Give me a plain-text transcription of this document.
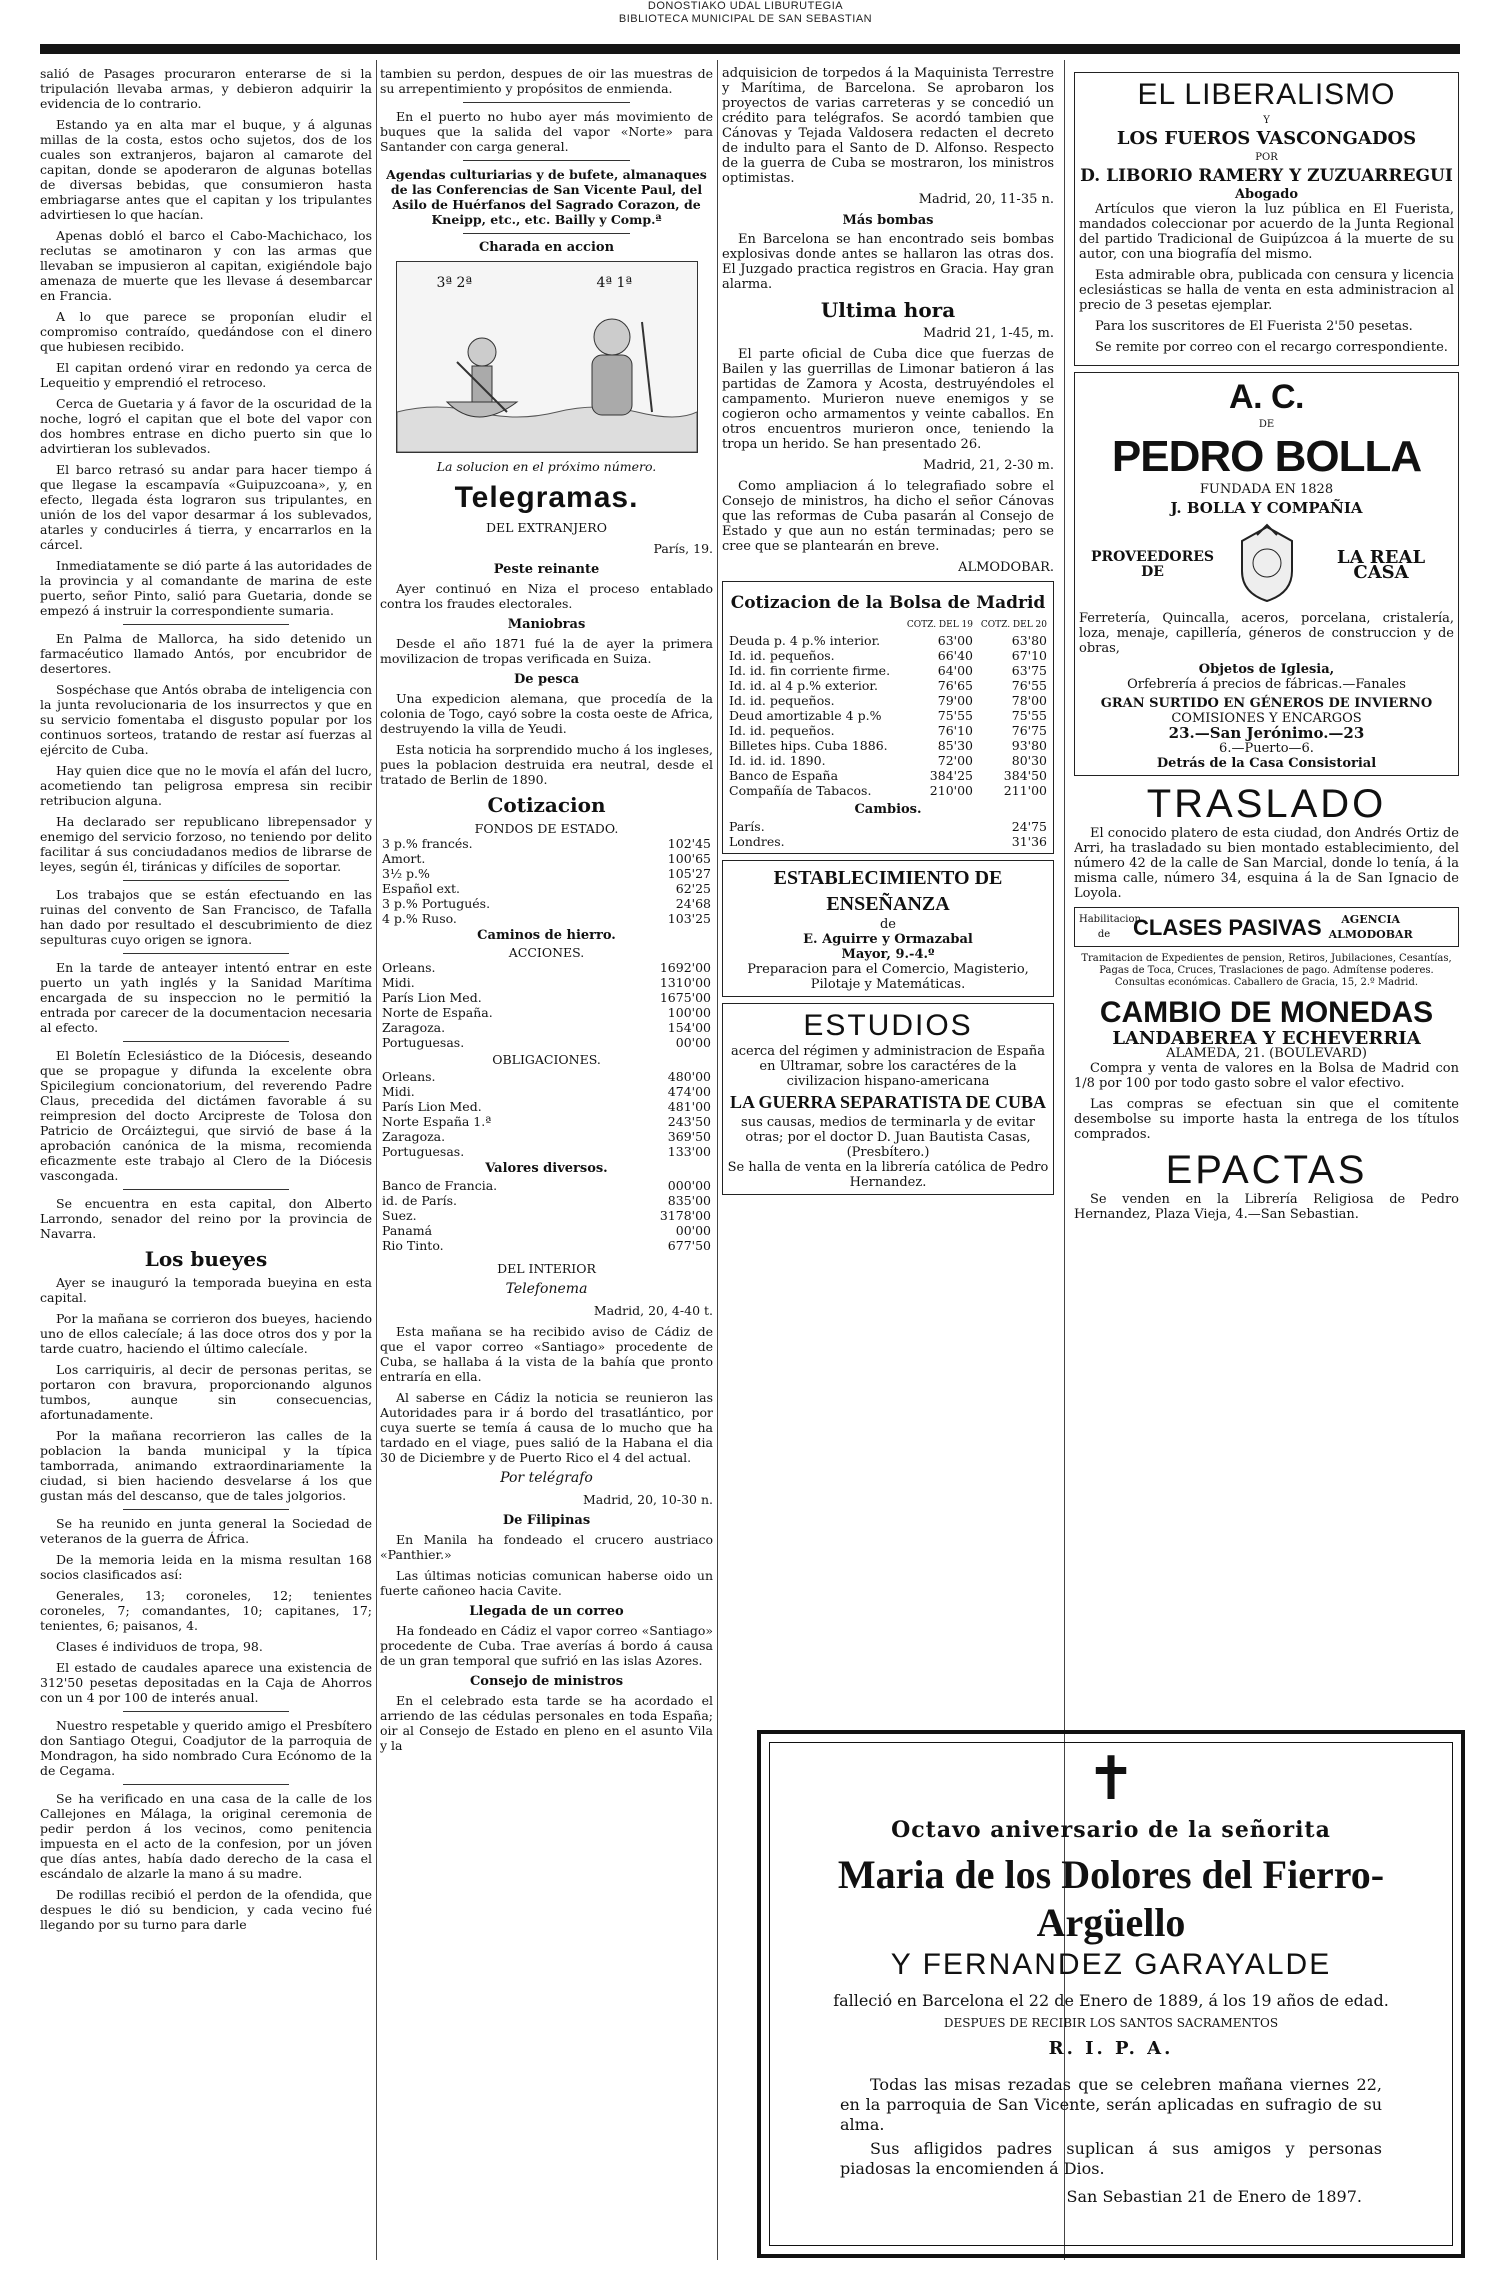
DONOSTIAKO UDAL LIBURUTEGIA
BIBLIOTECA MUNICIPAL DE SAN SEBASTIAN

salió de Pasages procuraron enterarse de si la tripulación llevaba armas, y debieron adquirir la evidencia de lo contrario.

Estando ya en alta mar el buque, y á algunas millas de la costa, estos ocho sujetos, dos de los cuales son extranjeros, bajaron al camarote del capitan, donde se apoderaron de algunas botellas de diversas bebidas, que consumieron hasta embriagarse antes que el capitan y los tripulantes advirtiesen lo que hacían.

Apenas dobló el barco el Cabo-Machichaco, los reclutas se amotinaron y con las armas que llevaban se impusieron al capitan, exigiéndole bajo amenaza de muerte que les llevase á desembarcar en Francia.

A lo que parece se proponían eludir el compromiso contraído, quedándose con el dinero que hubiesen recibido.

El capitan ordenó virar en redondo ya cerca de Lequeitio y emprendió el retroceso.

Cerca de Guetaria y á favor de la oscuridad de la noche, logró el capitan que el bote del vapor con dos hombres entrase en dicho puerto sin que lo advirtieran los sublevados.

El barco retrasó su andar para hacer tiempo á que llegase la escampavía «Guipuzcoana», y, en efecto, llegada ésta lograron sus tripulantes, en unión de los del vapor desarmar á los sublevados, atarles y conducirles á tierra, y encarrarlos en la cárcel.

Inmediatamente se dió parte á las autoridades de la provincia y al comandante de marina de este puerto, señor Pinto, salió para Guetaria, donde se empezó á instruir la correspondiente sumaria.

En Palma de Mallorca, ha sido detenido un farmacéutico llamado Antós, por encubridor de desertores.

Sospéchase que Antós obraba de inteligencia con la junta revolucionaria de los insurrectos y que en su servicio fomentaba el disgusto popular por los continuos sorteos, tratando de restar así fuerzas al ejército de Cuba.

Hay quien dice que no le movía el afán del lucro, acometiendo tan peligrosa empresa sin recibir retribucion alguna.

Ha declarado ser republicano librepensador y enemigo del servicio forzoso, no teniendo por delito facilitar á sus conciudadanos medios de librarse de leyes, según él, tiránicas y difíciles de soportar.

Los trabajos que se están efectuando en las ruinas del convento de San Francisco, de Tafalla han dado por resultado el descubrimiento de diez sepulturas cuyo origen se ignora.

En la tarde de anteayer intentó entrar en este puerto un yath inglés y la Sanidad Marítima encargada de su inspeccion no le permitió la entrada por carecer de la documentacion necesaria al efecto.

El Boletín Eclesiástico de la Diócesis, deseando que se propague y difunda la excelente obra Spicilegium concionatorium, del reverendo Padre Claus, precedida del dictámen favorable á su reimpresion del docto Arcipreste de Tolosa don Patricio de Orcáiztegui, que sirvió de base á la aprobación canónica de la misma, recomienda eficazmente este trabajo al Clero de la Diócesis vascongada.

Se encuentra en esta capital, don Alberto Larrondo, senador del reino por la provincia de Navarra.

Los bueyes

Ayer se inauguró la temporada bueyina en esta capital.

Por la mañana se corrieron dos bueyes, haciendo uno de ellos calecíale; á las doce otros dos y por la tarde cuatro, haciendo el último calecíale.

Los carriquiris, al decir de personas peritas, se portaron con bravura, proporcionando algunos tumbos, aunque sin consecuencias, afortunadamente.

Por la mañana recorrieron las calles de la poblacion la banda municipal y la típica tamborrada, animando extraordinariamente la ciudad, si bien haciendo desvelarse á los que gustan más del descanso, que de tales jolgorios.

Se ha reunido en junta general la Sociedad de veteranos de la guerra de África.

De la memoria leida en la misma resultan 168 socios clasificados así:

Generales, 13; coroneles, 12; tenientes coroneles, 7; comandantes, 10; capitanes, 17; tenientes, 6; paisanos, 4.

Clases é individuos de tropa, 98.

El estado de caudales aparece una existencia de 312'50 pesetas depositadas en la Caja de Ahorros con un 4 por 100 de interés anual.

Nuestro respetable y querido amigo el Presbítero don Santiago Otegui, Coadjutor de la parroquia de Mondragon, ha sido nombrado Cura Ecónomo de la de Cegama.

Se ha verificado en una casa de la calle de los Callejones en Málaga, la original ceremonia de pedir perdon á los vecinos, como penitencia impuesta en el acto de la confesion, por un jóven que días antes, había dado derecho de la casa el escándalo de alzarle la mano á su madre.

De rodillas recibió el perdon de la ofendida, que despues le dió su bendicion, y cada vecino fué llegando por su turno para darle

tambien su perdon, despues de oir las muestras de su arrepentimiento y propósitos de enmienda.

En el puerto no hubo ayer más movimiento de buques que la salida del vapor «Norte» para Santander con carga general.

Agendas culturiarias y de bufete, almanaques de las Conferencias de San Vicente Paul, del Asilo de Huérfanos del Sagrado Corazon, de Kneipp, etc., etc. Bailly y Comp.ª

Charada en accion
3ª 2ª	4ª 1ª

La solucion en el próximo número.

Telegramas.

DEL EXTRANJERO

París, 19.

Peste reinante

Ayer continuó en Niza el proceso entablado contra los fraudes electorales.

Maniobras

Desde el año 1871 fué la de ayer la primera movilizacion de tropas verificada en Suiza.

De pesca

Una expedicion alemana, que procedía de la colonia de Togo, cayó sobre la costa oeste de Africa, destruyendo la villa de Yeudi.

Esta noticia ha sorprendido mucho á los ingleses, pues la poblacion destruida era neutral, desde el tratado de Berlin de 1890.

Cotizacion

FONDOS DE ESTADO.

3 p.% francés.	102'45
Amort.	100'65
3½ p.%	105'27
Español ext.	62'25
3 p.% Portugués.	24'68
4 p.% Ruso.	103'25
Caminos de hierro.

ACCIONES.

Orleans.	1692'00
Midi.	1310'00
París Lion Med.	1675'00
Norte de España.	100'00
Zaragoza.	154'00
Portuguesas.	00'00

OBLIGACIONES.

Orleans.	480'00
Midi.	474'00
París Lion Med.	481'00
Norte España 1.ª	243'50
Zaragoza.	369'50
Portuguesas.	133'00
Valores diversos.
Banco de Francia.	000'00
id. de París.	835'00
Suez.	3178'00
Panamá	00'00
Rio Tinto.	677'50

DEL INTERIOR

Telefonema

Madrid, 20, 4-40 t.

Esta mañana se ha recibido aviso de Cádiz de que el vapor correo «Santiago» procedente de Cuba, se hallaba á la vista de la bahía que pronto entraría en ella.

Al saberse en Cádiz la noticia se reunieron las Autoridades para ir á bordo del trasatlántico, por cuya suerte se temía á causa de lo mucho que ha tardado en el viage, pues salió de la Habana el dia 30 de Diciembre y de Puerto Rico el 4 del actual.

Por telégrafo

Madrid, 20, 10-30 n.

De Filipinas

En Manila ha fondeado el crucero austriaco «Panthier.»

Las últimas noticias comunican haberse oido un fuerte cañoneo hacia Cavite.

Llegada de un correo

Ha fondeado en Cádiz el vapor correo «Santiago» procedente de Cuba. Trae averías á bordo á causa de un gran temporal que sufrió en las islas Azores.

Consejo de ministros

En el celebrado esta tarde se ha acordado el arriendo de las cédulas personales en toda España; oir al Consejo de Estado en pleno en el asunto Vila y la

adquisicion de torpedos á la Maquinista Terrestre y Marítima, de Barcelona. Se aprobaron los proyectos de varias carreteras y se concedió un crédito para telégrafos. Se acordó tambien que Cánovas y Tejada Valdosera redacten el decreto de indulto para el Santo de D. Alfonso. Respecto de la guerra de Cuba se mostraron, los ministros optimistas.

Madrid, 20, 11-35 n.

Más bombas

En Barcelona se han encontrado seis bombas explosivas donde antes se hallaron las otras dos. El Juzgado practica registros en Gracia. Hay gran alarma.

Ultima hora

Madrid 21, 1-45, m.

El parte oficial de Cuba dice que fuerzas de Bailen y las guerrillas de Limonar batieron á las partidas de Zamora y Acosta, destruyéndoles el campamento. Murieron nueve enemigos y se cogieron ocho armamentos y veinte caballos. En otros encuentros murieron once, teniendo la tropa un herido. Se han presentado 26.

Madrid, 21, 2-30 m.

Como ampliacion á lo telegrafiado sobre el Consejo de ministros, ha dicho el señor Cánovas que las reformas de Cuba pasarán al Consejo de Estado y que aun no están terminadas; pero se cree que se plantearán en breve.

ALMODOBAR.

Cotizacion de la Bolsa de Madrid
	COTZ. DEL 19	COTZ. DEL 20
Deuda p. 4 p.% interior.	63'00	63'80
Id. id. pequeños.	66'40	67'10
Id. id. fin corriente firme.	64'00	63'75
Id. id. al 4 p.% exterior.	76'65	76'55
Id. id. pequeños.	79'00	78'00
Deud amortizable 4 p.%	75'55	75'55
Id. id. pequeños.	76'10	76'75
Billetes hips. Cuba 1886.	85'30	93'80
Id. id. id. 1890.	72'00	80'30
Banco de España	384'25	384'50
Compañía de Tabacos.	210'00	211'00
Cambios.
París.	24'75
Londres.	31'36
ESTABLECIMIENTO DE ENSEÑANZA
de
E. Aguirre y Ormazabal
Mayor, 9.-4.º
Preparacion para el Comercio, Magisterio, Pilotaje y Matemáticas.
ESTUDIOS
acerca del régimen y administracion de España en Ultramar, sobre los caractéres de la civilizacion hispano-americana
LA GUERRA SEPARATISTA DE CUBA
sus causas, medios de terminarla y de evitar otras; por el doctor D. Juan Bautista Casas, (Presbítero.)
Se halla de venta en la librería católica de Pedro Hernandez.
EL LIBERALISMO
Y
LOS FUEROS VASCONGADOS
POR
D. LIBORIO RAMERY Y ZUZUARREGUI
Abogado

Artículos que vieron la luz pública en El Fuerista, mandados coleccionar por acuerdo de la Junta Regional del partido Tradicional de Guipúzcoa á la muerte de su autor, con una biografía del mismo.

Esta admirable obra, publicada con censura y licencia eclesiásticas se halla de venta en esta administracion al precio de 3 pesetas ejemplar.

Para los suscritores de El Fuerista 2'50 pesetas.

Se remite por correo con el recargo correspondiente.

A. C.
DE
PEDRO BOLLA
FUNDADA EN 1828
J. BOLLA Y COMPAÑIA
PROVEEDORES DE
LA REAL CASA

Ferretería, Quincalla, aceros, porcelana, cristalería, loza, menaje, capillería, géneros de construccion y de obras,

Objetos de Iglesia,
Orfebrería á precios de fábricas.—Fanales
GRAN SURTIDO EN GÉNEROS DE INVIERNO
COMISIONES Y ENCARGOS
23.—San Jerónimo.—23
6.—Puerto—6.
Detrás de la Casa Consistorial
TRASLADO

El conocido platero de esta ciudad, don Andrés Ortiz de Arri, ha trasladado su bien montado establecimiento, del número 42 de la calle de San Marcial, donde lo tenía, á la misma calle, número 34, esquina á la de San Ignacio de Loyola.

Habilitacion de	CLASES PASIVAS	AGENCIA ALMODOBAR

Tramitacion de Expedientes de pension, Retiros, Jubilaciones, Cesantías, Pagas de Toca, Cruces, Traslaciones de pago. Admítense poderes. Consultas económicas. Caballero de Gracia, 15, 2.º Madrid.

CAMBIO DE MONEDAS
LANDABEREA Y ECHEVERRIA
ALAMEDA, 21. (BOULEVARD)

Compra y venta de valores en la Bolsa de Madrid con 1/8 por 100 por todo gasto sobre el valor efectivo.

Las compras se efectuan sin que el comitente desembolse su importe hasta la entrega de los títulos comprados.

EPACTAS

Se venden en la Librería Religiosa de Pedro Hernandez, Plaza Vieja, 4.—San Sebastian.

✝
Octavo aniversario de la señorita
Maria de los Dolores del Fierro-Argüello
Y FERNANDEZ GARAYALDE
falleció en Barcelona el 22 de Enero de 1889, á los 19 años de edad.
DESPUES DE RECIBIR LOS SANTOS SACRAMENTOS
R. I. P. A.
Todas las misas rezadas que se celebren mañana viernes 22, en la parroquia de San Vicente, serán aplicadas en sufragio de su alma.
Sus afligidos padres suplican á sus amigos y personas piadosas la encomienden á Dios.
San Sebastian 21 de Enero de 1897.
